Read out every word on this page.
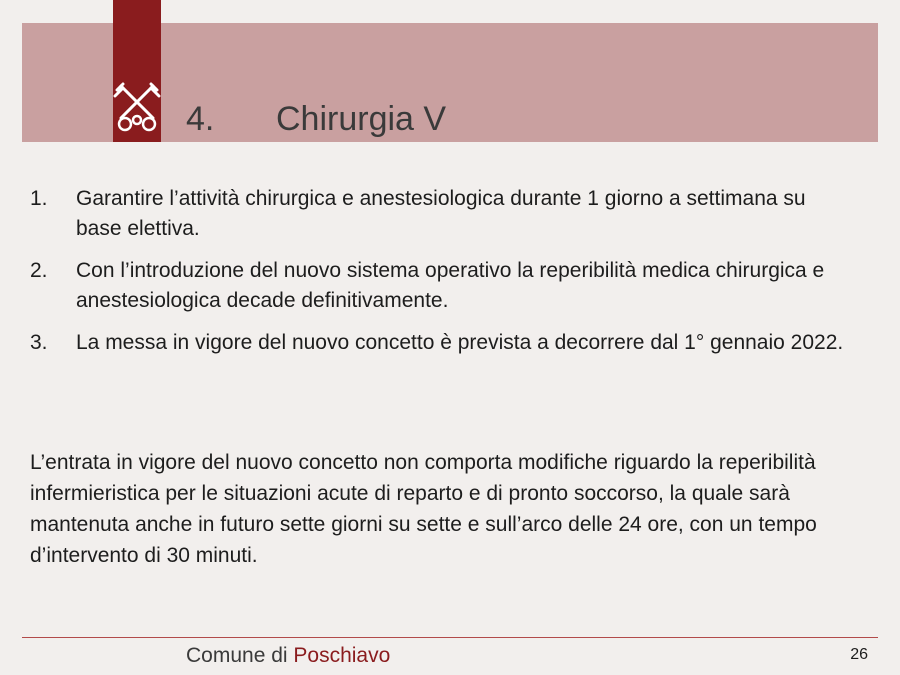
4.	Chirurgia V
1.	Garantire l’attività chirurgica e anestesiologica durante 1 giorno a settimana su base elettiva.
2.	Con l’introduzione del nuovo sistema operativo la reperibilità medica chirurgica e anestesiologica decade definitivamente.
3.	La messa in vigore del nuovo concetto è prevista a decorrere dal 1° gennaio 2022.
L’entrata in vigore del nuovo concetto non comporta modifiche riguardo la reperibilità infermieristica per le situazioni acute di reparto e di pronto soccorso, la quale sarà mantenuta anche in futuro sette giorni su sette e sull’arco delle 24 ore, con un tempo d’intervento di 30 minuti.
Comune di Poschiavo	26
